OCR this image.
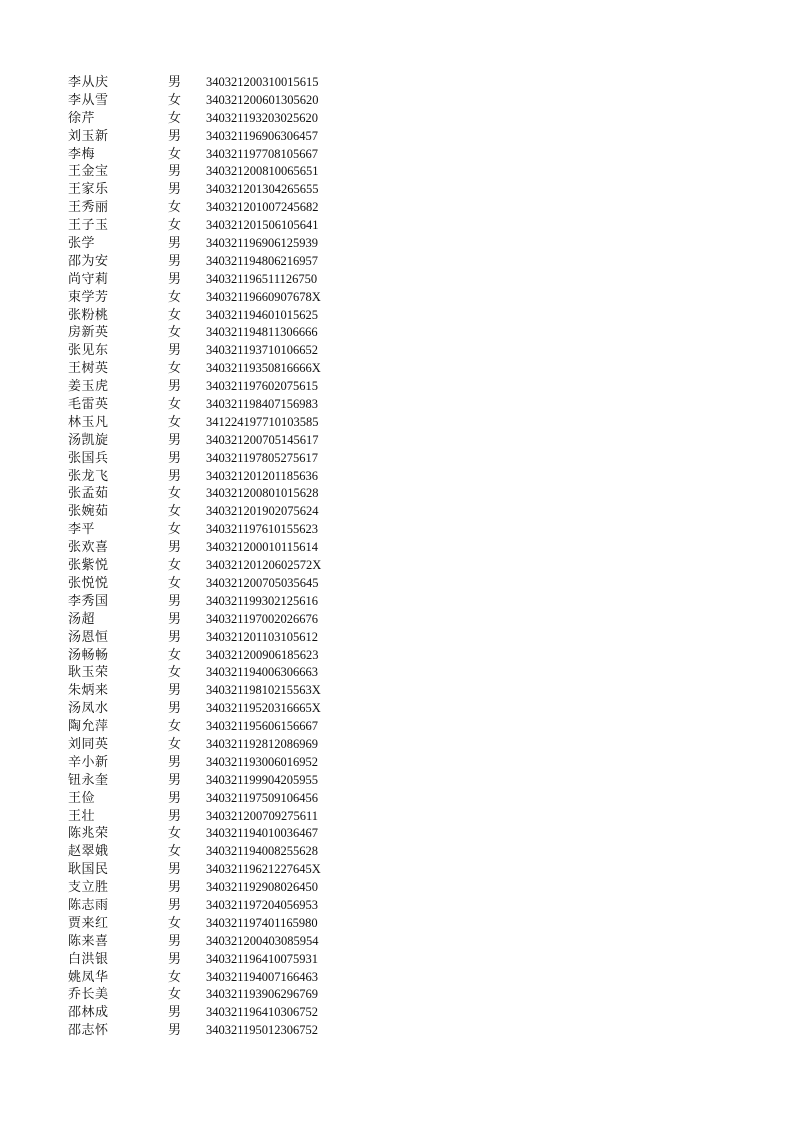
李从庆	男 340321200310015615
李从雪	女 340321200601305620
徐芹	女 340321193203025620
刘玉新	男 340321196906306457
李梅	女 340321197708105667
王金宝	男 340321200810065651
王家乐	男 340321201304265655
王秀丽	女 340321201007245682
王子玉	女 340321201506105641
张学	男 340321196906125939
邵为安	男 340321194806216957
尚守莉	男 340321196511126750
束学芳	女 34032119660907678X
张粉桃	女 340321194601015625
房新英	女 340321194811306666
张见东	男 340321193710106652
王树英	女 34032119350816666X
姜玉虎	男 340321197602075615
毛雷英	女 340321198407156983
林玉凡	女 341224197710103585
汤凯旋	男 340321200705145617
张国兵	男 340321197805275617
张龙飞	男 340321201201185636
张孟茹	女 340321200801015628
张婉茹	女 340321201902075624
李平	女 340321197610155623
张欢喜	男 340321200010115614
张紫悦	女 34032120120602572X
张悦悦	女 340321200705035645
李秀国	男 340321199302125616
汤超	男 340321197002026676
汤恩恒	男 340321201103105612
汤畅畅	女 340321200906185623
耿玉荣	女 340321194006306663
朱炳来	男 34032119810215563X
汤凤水	男 34032119520316665X
陶允萍	女 340321195606156667
刘同英	女 340321192812086969
辛小新	男 340321193006016952
钮永奎	男 340321199904205955
王俭	男 340321197509106456
王壮	男 340321200709275611
陈兆荣	女 340321194010036467
赵翠娥	女 340321194008255628
耿国民	男 34032119621227645X
支立胜	男 340321192908026450
陈志雨	男 340321197204056953
贾来红	女 340321197401165980
陈来喜	男 340321200403085954
白洪银	男 340321196410075931
姚凤华	女 340321194007166463
乔长美	女 340321193906296769
邵林成	男 340321196410306752
邵志怀	男 340321195012306752
